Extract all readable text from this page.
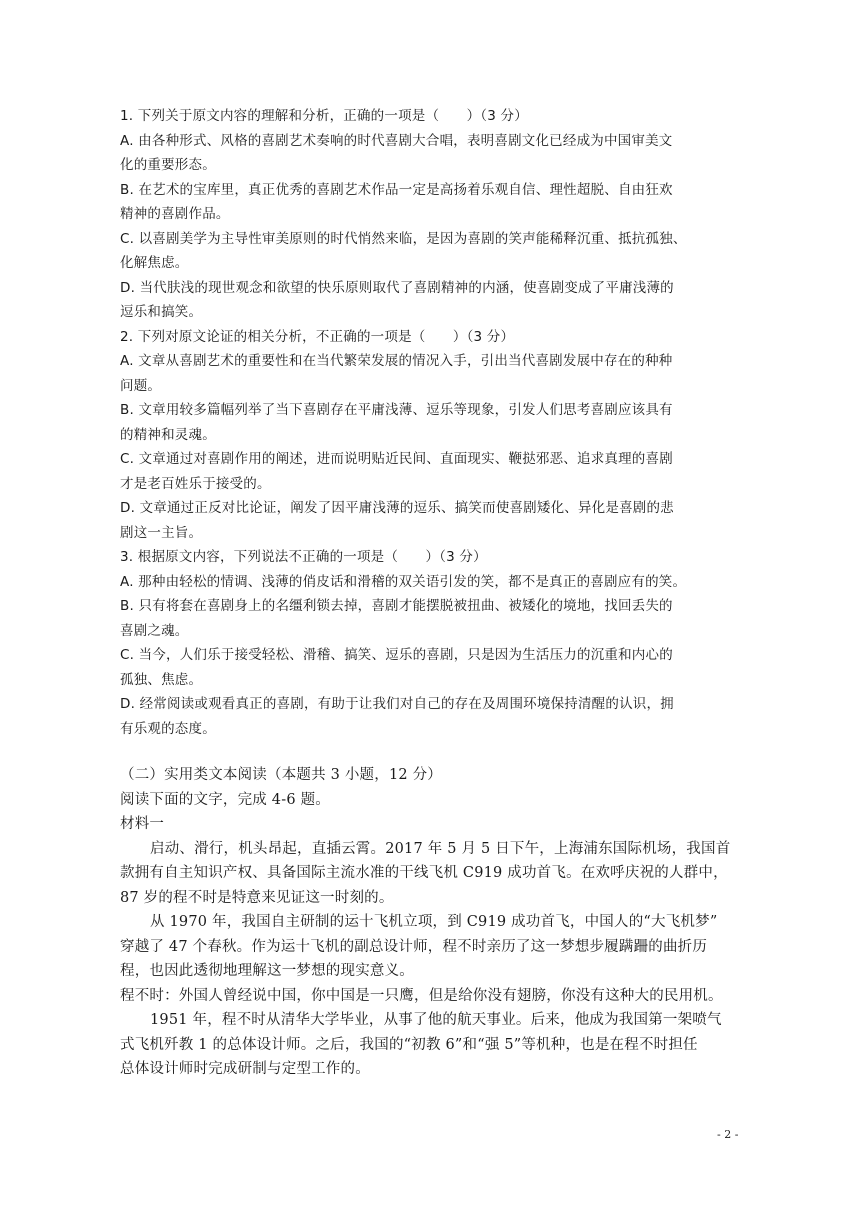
1. 下列关于原文内容的理解和分析，正确的一项是（　　）（3 分）
A. 由各种形式、风格的喜剧艺术奏响的时代喜剧大合唱，表明喜剧文化已经成为中国审美文
化的重要形态。
B. 在艺术的宝库里，真正优秀的喜剧艺术作品一定是高扬着乐观自信、理性超脱、自由狂欢
精神的喜剧作品。
C. 以喜剧美学为主导性审美原则的时代悄然来临，是因为喜剧的笑声能稀释沉重、抵抗孤独、
化解焦虑。
D. 当代肤浅的现世观念和欲望的快乐原则取代了喜剧精神的内涵，使喜剧变成了平庸浅薄的
逗乐和搞笑。
2. 下列对原文论证的相关分析，不正确的一项是（　　）（3 分）
A. 文章从喜剧艺术的重要性和在当代繁荣发展的情况入手，引出当代喜剧发展中存在的种种
问题。
B. 文章用较多篇幅列举了当下喜剧存在平庸浅薄、逗乐等现象，引发人们思考喜剧应该具有
的精神和灵魂。
C. 文章通过对喜剧作用的阐述，进而说明贴近民间、直面现实、鞭挞邪恶、追求真理的喜剧
才是老百姓乐于接受的。
D. 文章通过正反对比论证，阐发了因平庸浅薄的逗乐、搞笑而使喜剧矮化、异化是喜剧的悲
剧这一主旨。
3. 根据原文内容，下列说法不正确的一项是（　　）（3 分）
A. 那种由轻松的情调、浅薄的俏皮话和滑稽的双关语引发的笑，都不是真正的喜剧应有的笑。
B. 只有将套在喜剧身上的名缰利锁去掉，喜剧才能摆脱被扭曲、被矮化的境地，找回丢失的
喜剧之魂。
C. 当今，人们乐于接受轻松、滑稽、搞笑、逗乐的喜剧，只是因为生活压力的沉重和内心的
孤独、焦虑。
D. 经常阅读或观看真正的喜剧，有助于让我们对自己的存在及周围环境保持清醒的认识，拥
有乐观的态度。
（二）实用类文本阅读（本题共 3 小题，12 分）
阅读下面的文字，完成 4-6 题。
材料一
启动、滑行，机头昂起，直插云霄。2017 年 5 月 5 日下午，上海浦东国际机场，我国首
款拥有自主知识产权、具备国际主流水准的干线飞机 C919 成功首飞。在欢呼庆祝的人群中，
87 岁的程不时是特意来见证这一时刻的。
从 1970 年，我国自主研制的运十飞机立项，到 C919 成功首飞，中国人的“大飞机梦”
穿越了 47 个春秋。作为运十飞机的副总设计师，程不时亲历了这一梦想步履蹒跚的曲折历
程，也因此透彻地理解这一梦想的现实意义。
程不时：外国人曾经说中国，你中国是一只鹰，但是给你没有翅膀，你没有这种大的民用机。
1951 年，程不时从清华大学毕业，从事了他的航天事业。后来，他成为我国第一架喷气
式飞机歼教 1 的总体设计师。之后，我国的“初教 6”和“强 5”等机种，也是在程不时担任
总体设计师时完成研制与定型工作的。
- 2 -
